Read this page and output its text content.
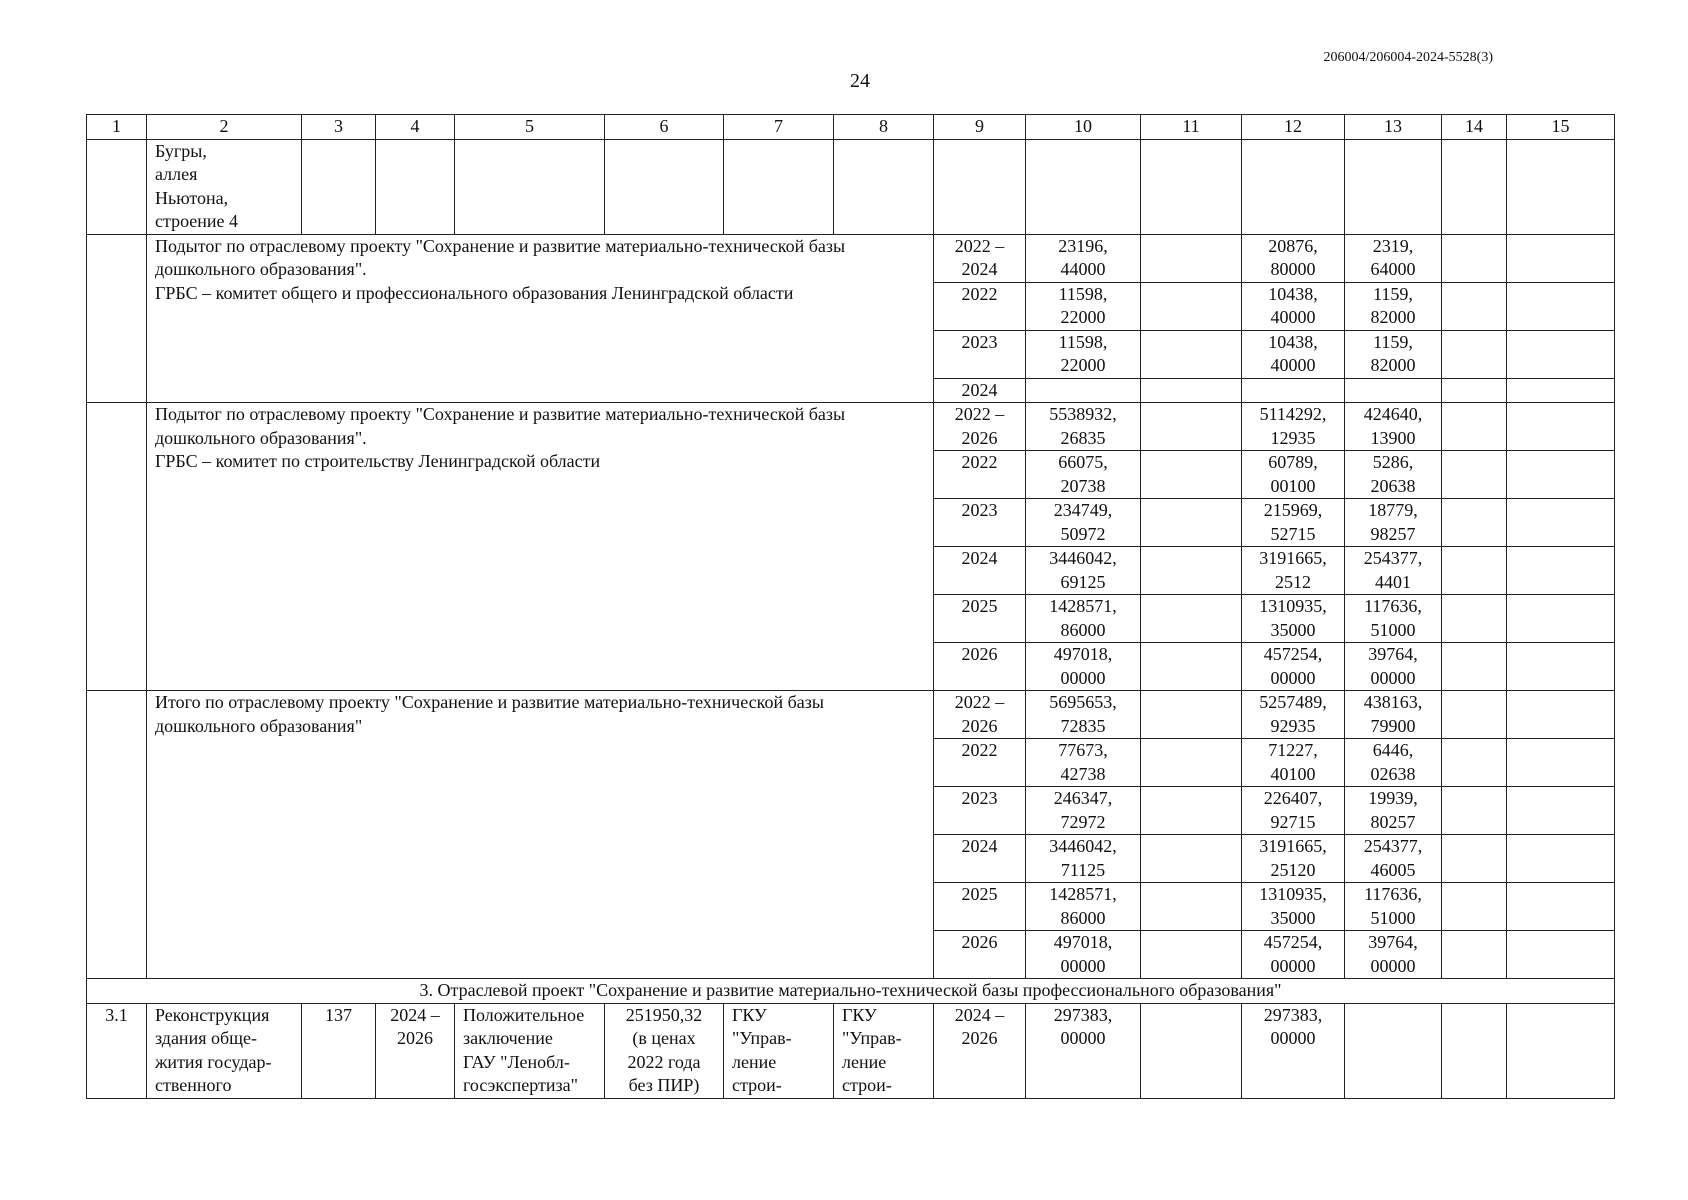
206004/206004-2024-5528(3)
24
1	2	3	4	5	6	7	8	9	10	11	12	13	14	15
	Бугры,
аллея
Ньютона,
строение 4													
	Подытог по отраслевому проекту "Сохранение и развитие материально-технической базы дошкольного образования".
ГРБС – комитет общего и профессионального образования Ленинградской области							2022 –
2024	23196,
44000		20876,
80000	2319,
64000		
								2022	11598,
22000		10438,
40000	1159,
82000		
								2023	11598,
22000		10438,
40000	1159,
82000		
								2024						
	Подытог по отраслевому проекту "Сохранение и развитие материально-технической базы дошкольного образования".
ГРБС – комитет по строительству Ленинградской области							2022 –
2026	5538932,
26835		5114292,
12935	424640,
13900		
								2022	66075,
20738		60789,
00100	5286,
20638		
								2023	234749,
50972		215969,
52715	18779,
98257		
								2024	3446042,
69125		3191665,
2512	254377,
4401		
								2025	1428571,
86000		1310935,
35000	117636,
51000		
								2026	497018,
00000		457254,
00000	39764,
00000		
	Итого по отраслевому проекту "Сохранение и развитие материально-технической базы дошкольного образования"							2022 –
2026	5695653,
72835		5257489,
92935	438163,
79900		
								2022	77673,
42738		71227,
40100	6446,
02638		
								2023	246347,
72972		226407,
92715	19939,
80257		
								2024	3446042,
71125		3191665,
25120	254377,
46005		
								2025	1428571,
86000		1310935,
35000	117636,
51000		
								2026	497018,
00000		457254,
00000	39764,
00000		
3. Отраслевой проект "Сохранение и развитие материально-технической базы профессионального образования"														
3.1	Реконструкция
здания обще-
жития государ-
ственного	137	2024 –
2026	Положительное
заключение
ГАУ "Ленобл-
госэкспертиза"	251950,32
(в ценах
2022 года
без ПИР)	ГКУ
"Управ-
ление
строи-	ГКУ
"Управ-
ление
строи-	2024 –
2026	297383,
00000		297383,
00000			
